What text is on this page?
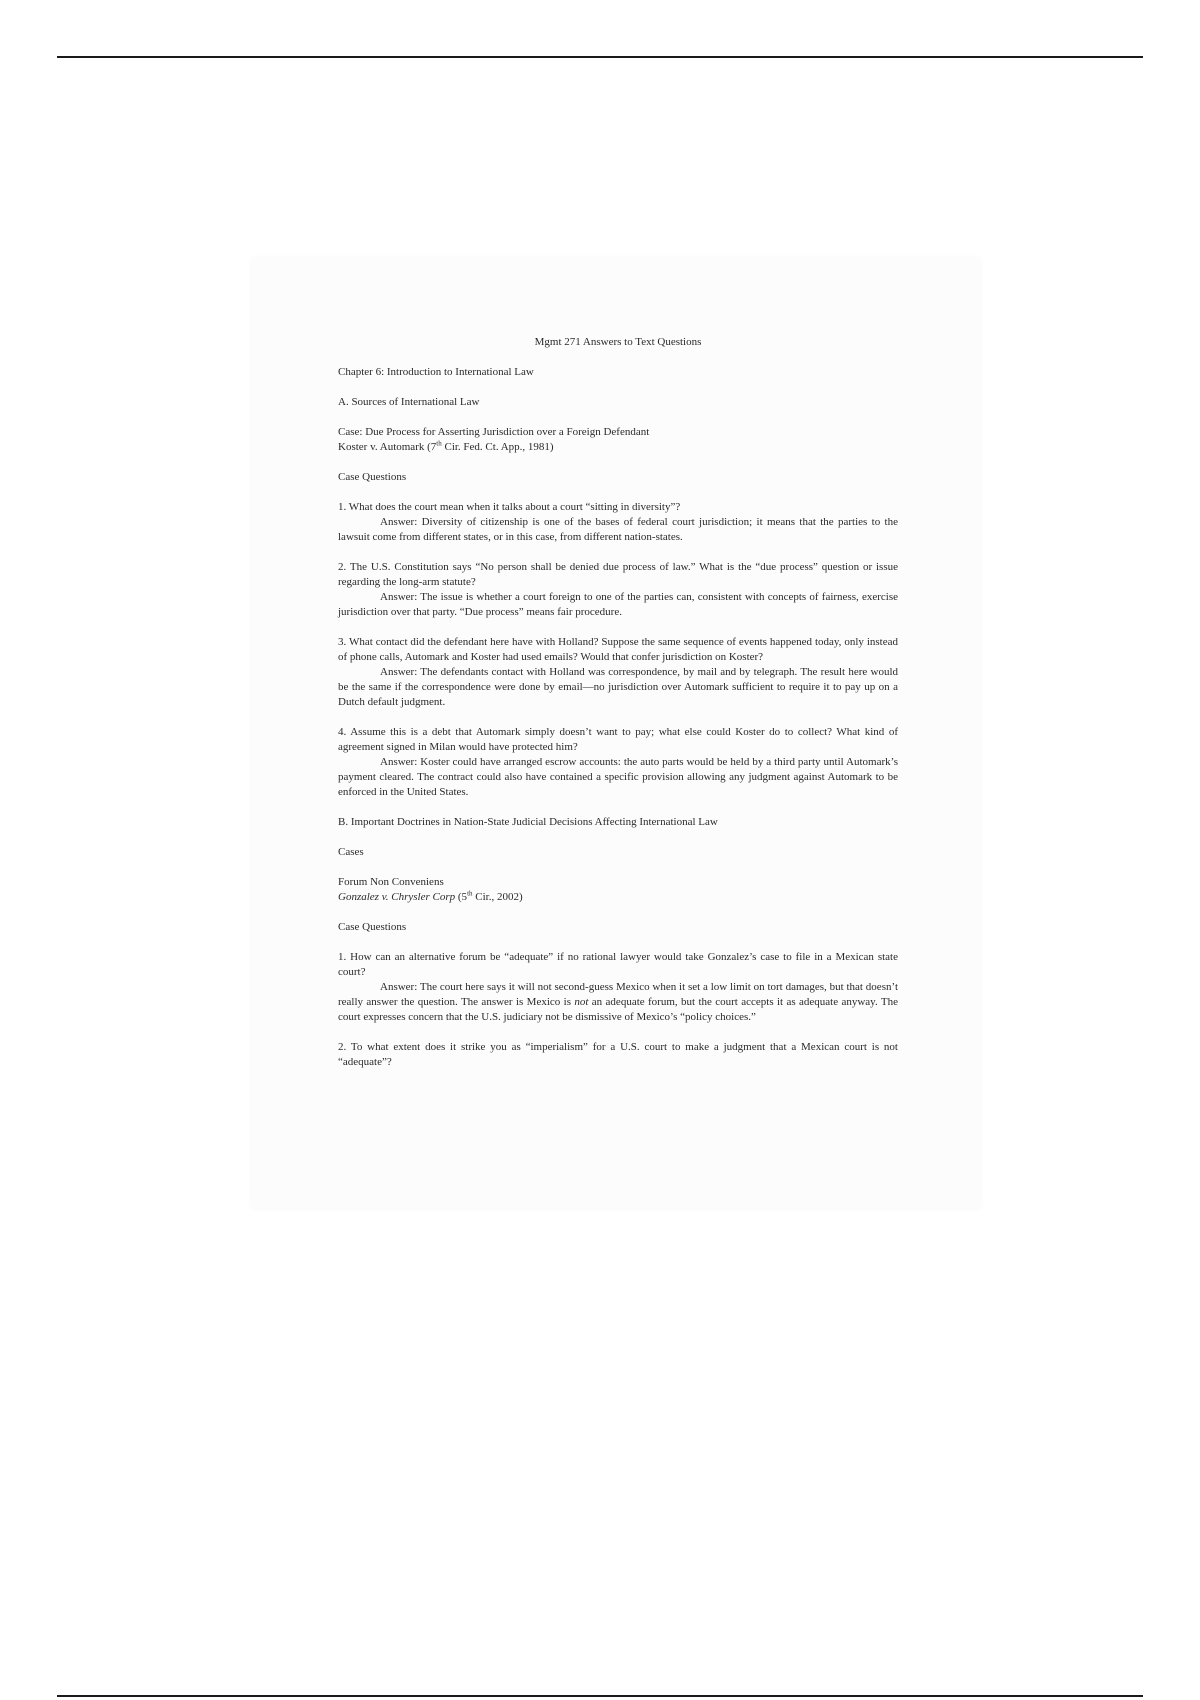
Mgmt 271 Answers to Text Questions

Chapter 6: Introduction to International Law

A. Sources of International Law

Case: Due Process for Asserting Jurisdiction over a Foreign Defendant

Koster v. Automark (7th Cir. Fed. Ct. App., 1981)

Case Questions

1. What does the court mean when it talks about a court “sitting in diversity”?

Answer: Diversity of citizenship is one of the bases of federal court jurisdiction; it means that the parties to the lawsuit come from different states, or in this case, from different nation-states.

2. The U.S. Constitution says “No person shall be denied due process of law.” What is the “due process” question or issue regarding the long-arm statute?

Answer: The issue is whether a court foreign to one of the parties can, consistent with concepts of fairness, exercise jurisdiction over that party. “Due process” means fair procedure.

3. What contact did the defendant here have with Holland? Suppose the same sequence of events happened today, only instead of phone calls, Automark and Koster had used emails? Would that confer jurisdiction on Koster?

Answer: The defendants contact with Holland was correspondence, by mail and by telegraph. The result here would be the same if the correspondence were done by email—no jurisdiction over Automark sufficient to require it to pay up on a Dutch default judgment.

4. Assume this is a debt that Automark simply doesn’t want to pay; what else could Koster do to collect? What kind of agreement signed in Milan would have protected him?

Answer: Koster could have arranged escrow accounts: the auto parts would be held by a third party until Automark’s payment cleared. The contract could also have contained a specific provision allowing any judgment against Automark to be enforced in the United States.

B. Important Doctrines in Nation-State Judicial Decisions Affecting International Law

Cases

Forum Non Conveniens

Gonzalez v. Chrysler Corp (5th Cir., 2002)

Case Questions

1. How can an alternative forum be “adequate” if no rational lawyer would take Gonzalez’s case to file in a Mexican state court?

Answer: The court here says it will not second-guess Mexico when it set a low limit on tort damages, but that doesn’t really answer the question. The answer is Mexico is not an adequate forum, but the court accepts it as adequate anyway. The court expresses concern that the U.S. judiciary not be dismissive of Mexico’s “policy choices.”

2. To what extent does it strike you as “imperialism” for a U.S. court to make a judgment that a Mexican court is not “adequate”?
